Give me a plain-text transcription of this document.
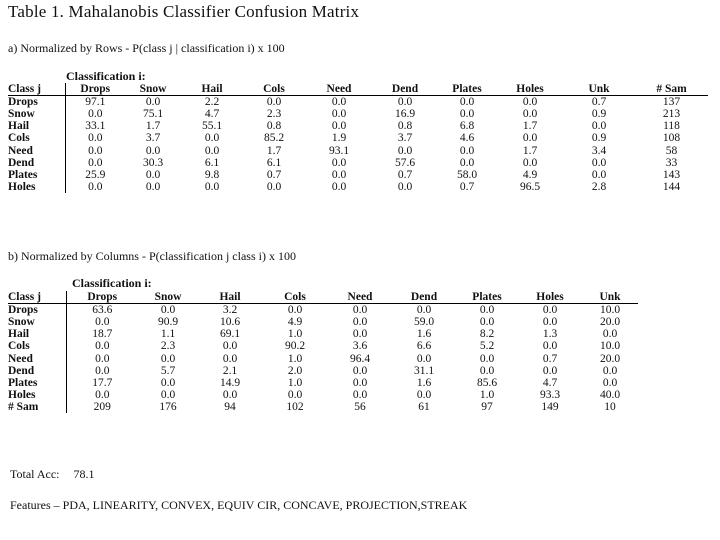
Table 1. Mahalanobis Classifier Confusion Matrix
a) Normalized by Rows - P(class j | classification i) x 100
Classification i:
Class j	Drops	Snow	Hail	Cols	Need	Dend	Plates	Holes	Unk	# Sam
Drops	97.1	0.0	2.2	0.0	0.0	0.0	0.0	0.0	0.7	137
Snow	0.0	75.1	4.7	2.3	0.0	16.9	0.0	0.0	0.9	213
Hail	33.1	1.7	55.1	0.8	0.0	0.8	6.8	1.7	0.0	118
Cols	0.0	3.7	0.0	85.2	1.9	3.7	4.6	0.0	0.9	108
Need	0.0	0.0	0.0	1.7	93.1	0.0	0.0	1.7	3.4	58
Dend	0.0	30.3	6.1	6.1	0.0	57.6	0.0	0.0	0.0	33
Plates	25.9	0.0	9.8	0.7	0.0	0.7	58.0	4.9	0.0	143
Holes	0.0	0.0	0.0	0.0	0.0	0.0	0.7	96.5	2.8	144
b) Normalized by Columns - P(classification j class i) x 100
Classification i:
Class j	Drops	Snow	Hail	Cols	Need	Dend	Plates	Holes	Unk
Drops	63.6	0.0	3.2	0.0	0.0	0.0	0.0	0.0	10.0
Snow	0.0	90.9	10.6	4.9	0.0	59.0	0.0	0.0	20.0
Hail	18.7	1.1	69.1	1.0	0.0	1.6	8.2	1.3	0.0
Cols	0.0	2.3	0.0	90.2	3.6	6.6	5.2	0.0	10.0
Need	0.0	0.0	0.0	1.0	96.4	0.0	0.0	0.7	20.0
Dend	0.0	5.7	2.1	2.0	0.0	31.1	0.0	0.0	0.0
Plates	17.7	0.0	14.9	1.0	0.0	1.6	85.6	4.7	0.0
Holes	0.0	0.0	0.0	0.0	0.0	0.0	1.0	93.3	40.0
# Sam	209	176	94	102	56	61	97	149	10
Total Acc: 78.1
Features – PDA, LINEARITY, CONVEX, EQUIV CIR, CONCAVE, PROJECTION,STREAK
